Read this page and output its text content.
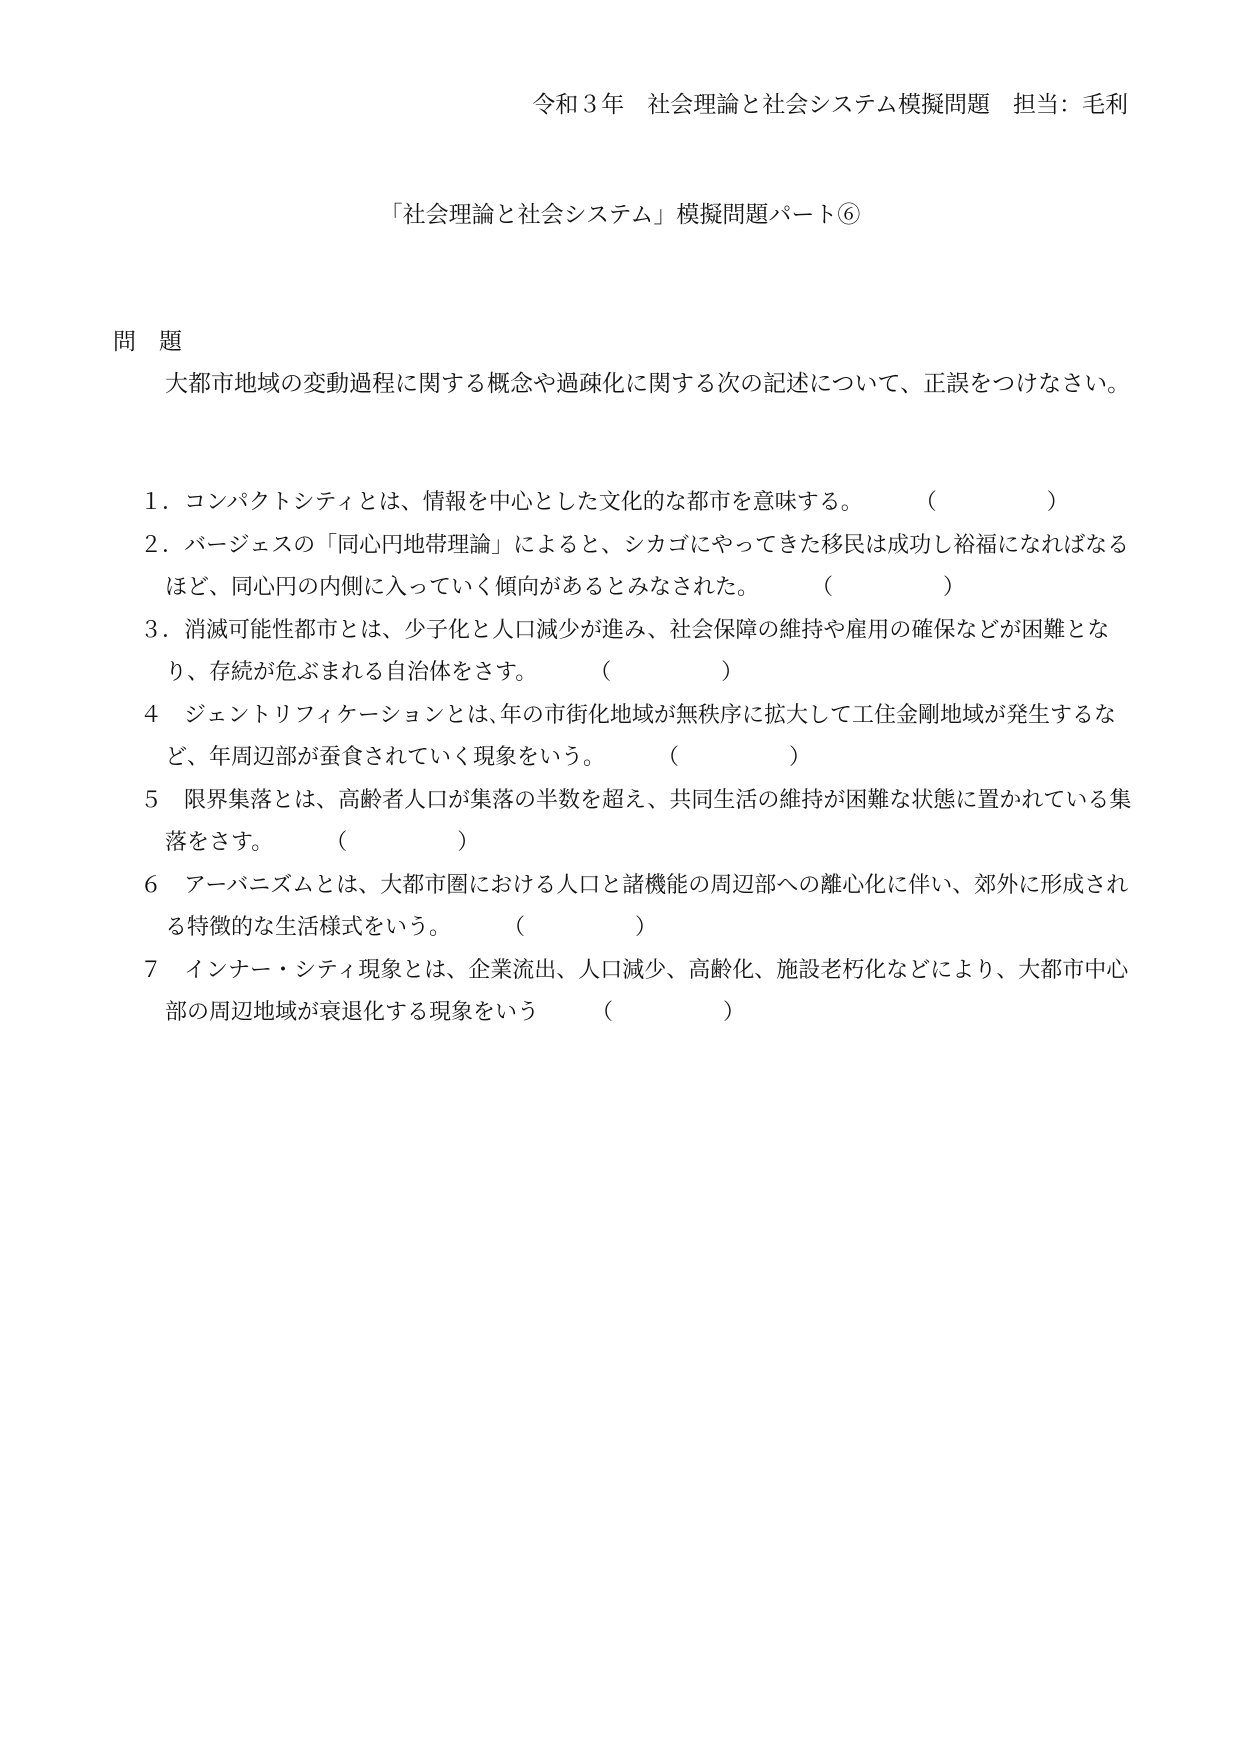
令和３年　社会理論と社会システム模擬問題　担当：毛利
「社会理論と社会システム」模擬問題パート⑥
問　題

大都市地域の変動過程に関する概念や過疎化に関する次の記述について、正誤をつけなさい。

１．コンパクトシティとは、情報を中心とした文化的な都市を意味する。 （　　　　　）
２．バージェスの「同心円地帯理論」によると、シカゴにやってきた移民は成功し裕福になればなるほど、同心円の内側に入っていく傾向があるとみなされた。 （　　　　　）
３．消滅可能性都市とは、少子化と人口減少が進み、社会保障の維持や雇用の確保などが困難となり、存続が危ぶまれる自治体をさす。 （　　　　　）
４　ジェントリフィケーションとは､年の市街化地域が無秩序に拡大して工住金剛地域が発生するなど、年周辺部が蚕食されていく現象をいう。 （　　　　　）
５　限界集落とは、高齢者人口が集落の半数を超え、共同生活の維持が困難な状態に置かれている集落をさす。 （　　　　　）
６　アーバニズムとは、大都市圏における人口と諸機能の周辺部への離心化に伴い、郊外に形成される特徴的な生活様式をいう。 （　　　　　）
７　インナー・シティ現象とは、企業流出、人口減少、高齢化、施設老朽化などにより、大都市中心部の周辺地域が衰退化する現象をいう （　　　　　）
